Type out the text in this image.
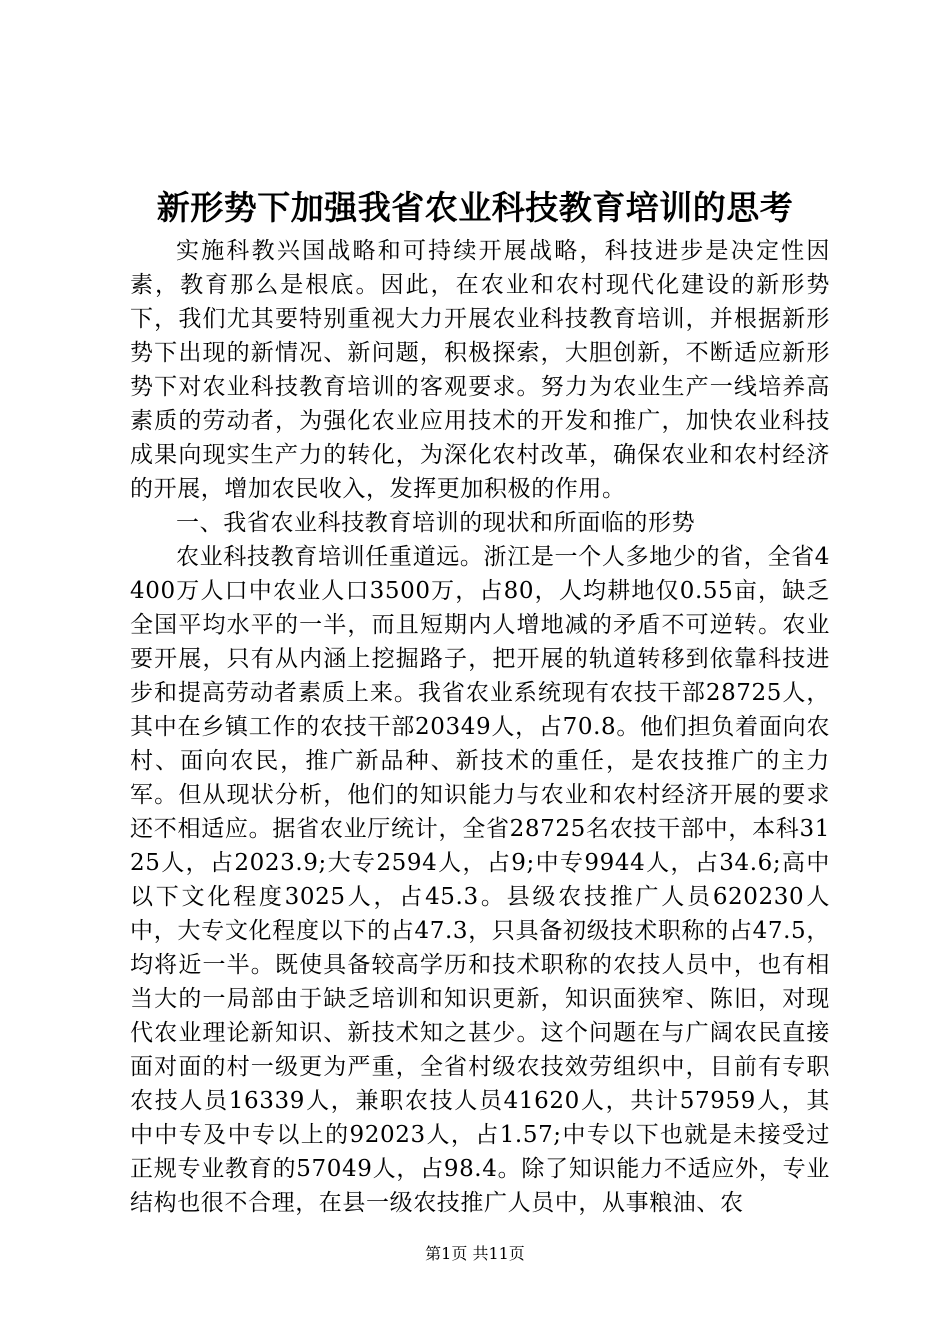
新形势下加强我省农业科技教育培训的思考

实施科教兴国战略和可持续开展战略，科技进步是决定性因素，教育那么是根底。因此，在农业和农村现代化建设的新形势下，我们尤其要特别重视大力开展农业科技教育培训，并根据新形势下出现的新情况、新问题，积极探索，大胆创新，不断适应新形势下对农业科技教育培训的客观要求。努力为农业生产一线培养高素质的劳动者，为强化农业应用技术的开发和推广，加快农业科技成果向现实生产力的转化，为深化农村改革，确保农业和农村经济的开展，增加农民收入，发挥更加积极的作用。

一、我省农业科技教育培训的现状和所面临的形势

农业科技教育培训任重道远。浙江是一个人多地少的省，全省4400万人口中农业人口3500万，占80，人均耕地仅0.55亩，缺乏全国平均水平的一半，而且短期内人增地减的矛盾不可逆转。农业要开展，只有从内涵上挖掘路子，把开展的轨道转移到依靠科技进步和提高劳动者素质上来。我省农业系统现有农技干部28725人，其中在乡镇工作的农技干部20349人，占70.8。他们担负着面向农村、面向农民，推广新品种、新技术的重任，是农技推广的主力军。但从现状分析，他们的知识能力与农业和农村经济开展的要求还不相适应。据省农业厅统计，全省28725名农技干部中，本科3125人，占2023.9;大专2594人，占9;中专9944人，占34.6;高中以下文化程度3025人，占45.3。县级农技推广人员620230人中，大专文化程度以下的占47.3，只具备初级技术职称的占47.5，均将近一半。既使具备较高学历和技术职称的农技人员中，也有相当大的一局部由于缺乏培训和知识更新，知识面狭窄、陈旧，对现代农业理论新知识、新技术知之甚少。这个问题在与广阔农民直接面对面的村一级更为严重，全省村级农技效劳组织中，目前有专职农技人员16339人，兼职农技人员41620人，共计57959人，其中中专及中专以上的92023人，占1.57;中专以下也就是未接受过正规专业教育的57049人，占98.4。除了知识能力不适应外，专业结构也很不合理，在县一级农技推广人员中，从事粮油、农

第1页 共11页
